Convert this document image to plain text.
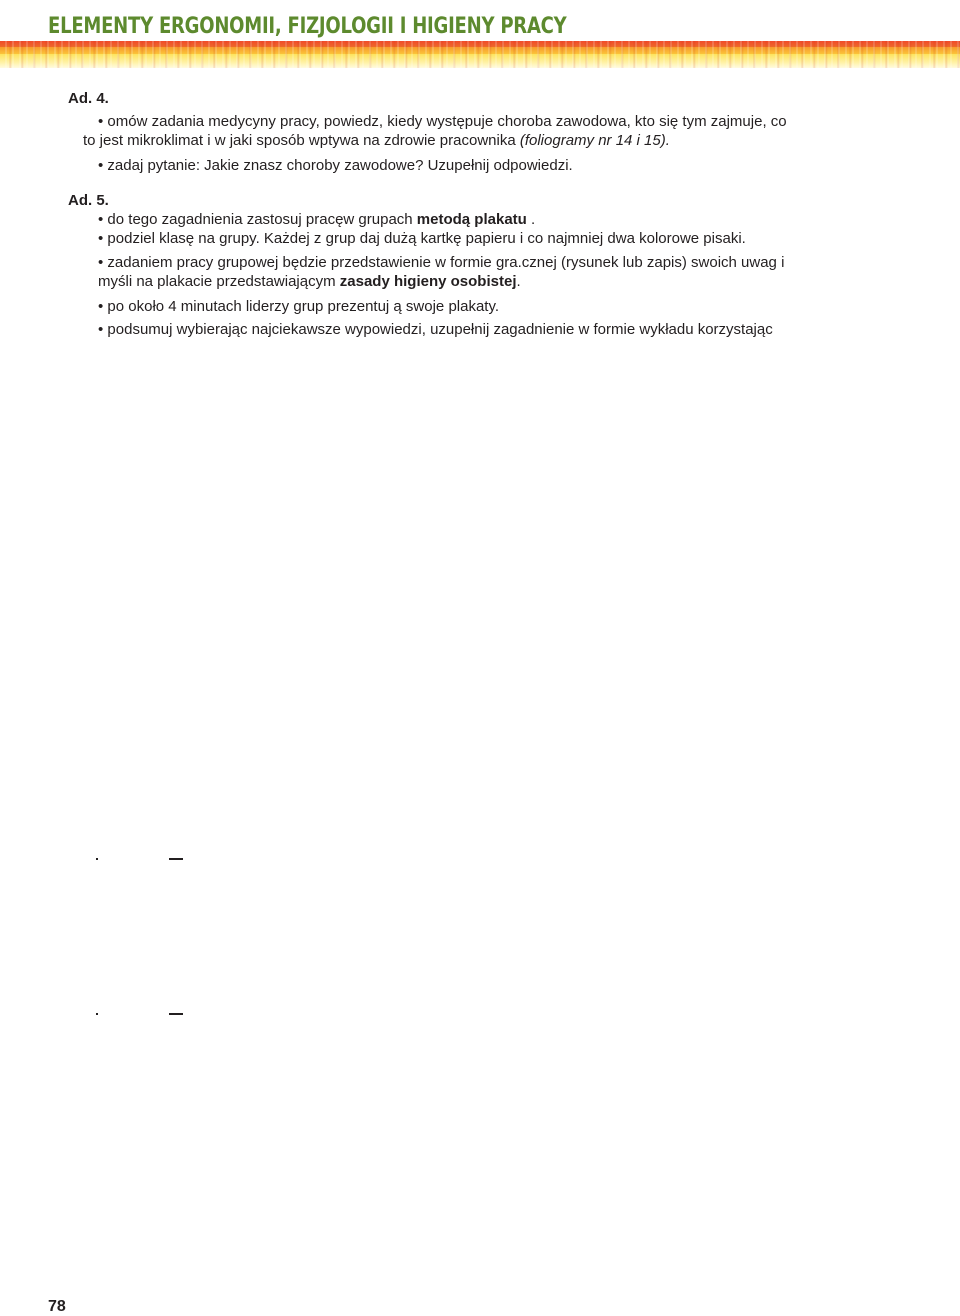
ELEMENTY ERGONOMII, FIZJOLOGII I HIGIENY PRACY
Ad. 4.
• omów zadania medycyny pracy, powiedz, kiedy występuje choroba zawodowa, kto się tym zajmuje, co
to jest mikroklimat i w jaki sposób wptywa na zdrowie pracownika (foliogramy nr 14 i 15).
• zadaj pytanie: Jakie znasz choroby zawodowe? Uzupełnij odpowiedzi.
Ad. 5.
• do tego zagadnienia zastosuj pracęw grupach metodą plakatu .
• podziel klasę na grupy. Każdej z grup daj dużą kartkę papieru i co najmniej dwa kolorowe pisaki.
• zadaniem pracy grupowej będzie przedstawienie w formie gra.cznej (rysunek lub zapis) swoich uwag i
myśli na plakacie przedstawiającym zasady higieny osobistej.
• po około 4 minutach liderzy grup prezentuj ą swoje plakaty.
• podsumuj wybierając najciekawsze wypowiedzi, uzupełnij zagadnienie w formie wykładu korzystając
78
